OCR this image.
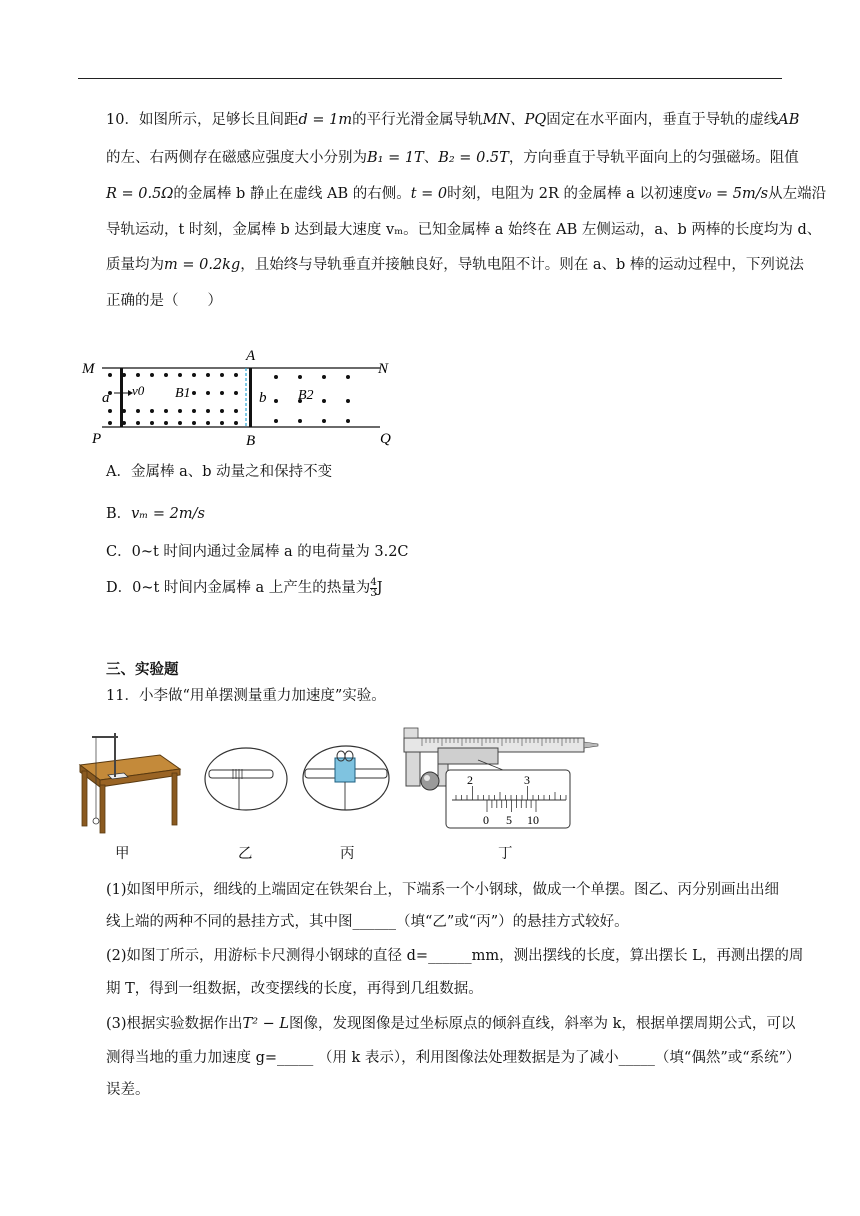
10．如图所示，足够长且间距d = 1m的平行光滑金属导轨MN、PQ固定在水平面内，垂直于导轨的虚线AB
的左、右两侧存在磁感应强度大小分别为B₁ = 1T、B₂ = 0.5T，方向垂直于导轨平面向上的匀强磁场。阻值
R = 0.5Ω的金属棒 b 静止在虚线 AB 的右侧。t = 0时刻，电阻为 2R 的金属棒 a 以初速度v₀ = 5m/s从左端沿
导轨运动，t 时刻，金属棒 b 达到最大速度 vₘ。已知金属棒 a 始终在 AB 左侧运动，a、b 两棒的长度均为 d、
质量均为m = 0.2kg，且始终与导轨垂直并接触良好，导轨电阻不计。则在 a、b 棒的运动过程中，下列说法
正确的是（　　）
M	N
P	Q
A
B
a	b
v0 B1	B2
A．金属棒 a、b 动量之和保持不变
B．vₘ = 2m/s
C．0~t 时间内通过金属棒 a 的电荷量为 3.2C
D．0~t 时间内金属棒 a 上产生的热量为 $\frac{4}{3}$ J
三、实验题
11．小李做“用单摆测量重力加速度”实验。
2	3
0 5 10
甲	乙	丙	丁
(1)如图甲所示，细线的上端固定在铁架台上，下端系一个小钢球，做成一个单摆。图乙、丙分别画出出细
线上端的两种不同的悬挂方式，其中图______（填“乙”或“丙”）的悬挂方式较好。
(2)如图丁所示，用游标卡尺测得小钢球的直径 d=______mm，测出摆线的长度，算出摆长 L，再测出摆的周
期 T，得到一组数据，改变摆线的长度，再得到几组数据。
(3)根据实验数据作出T² − L图像，发现图像是过坐标原点的倾斜直线，斜率为 k，根据单摆周期公式，可以
测得当地的重力加速度 g=_____ （用 k 表示），利用图像法处理数据是为了减小_____（填“偶然”或“系统”）
误差。
